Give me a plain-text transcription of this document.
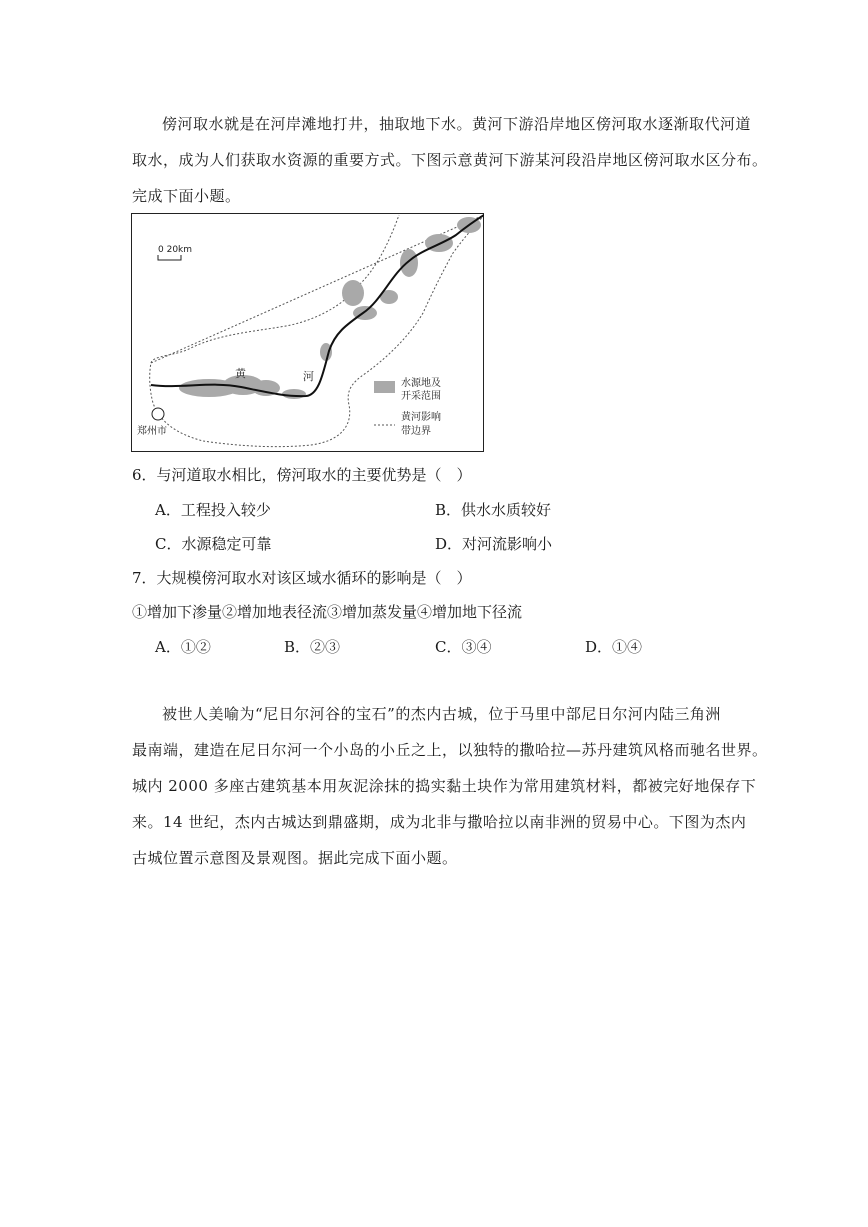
傍河取水就是在河岸滩地打井，抽取地下水。黄河下游沿岸地区傍河取水逐渐取代河道
取水，成为人们获取水资源的重要方式。下图示意黄河下游某河段沿岸地区傍河取水区分布。
完成下面小题。
0 20km
黄	河
郑州市
水源地及
开采范围
黄河影响
带边界
6．与河道取水相比，傍河取水的主要优势是（　）
A．工程投入较少	B．供水水质较好
C．水源稳定可靠	D．对河流影响小
7．大规模傍河取水对该区域水循环的影响是（　）
①增加下渗量②增加地表径流③增加蒸发量④增加地下径流
A．①②	B．②③	C．③④	D．①④
被世人美喻为“尼日尔河谷的宝石”的杰内古城，位于马里中部尼日尔河内陆三角洲
最南端，建造在尼日尔河一个小岛的小丘之上，以独特的撒哈拉—苏丹建筑风格而驰名世界。
城内 2000 多座古建筑基本用灰泥涂抹的捣实黏土块作为常用建筑材料，都被完好地保存下
来。14 世纪，杰内古城达到鼎盛期，成为北非与撒哈拉以南非洲的贸易中心。下图为杰内
古城位置示意图及景观图。据此完成下面小题。
